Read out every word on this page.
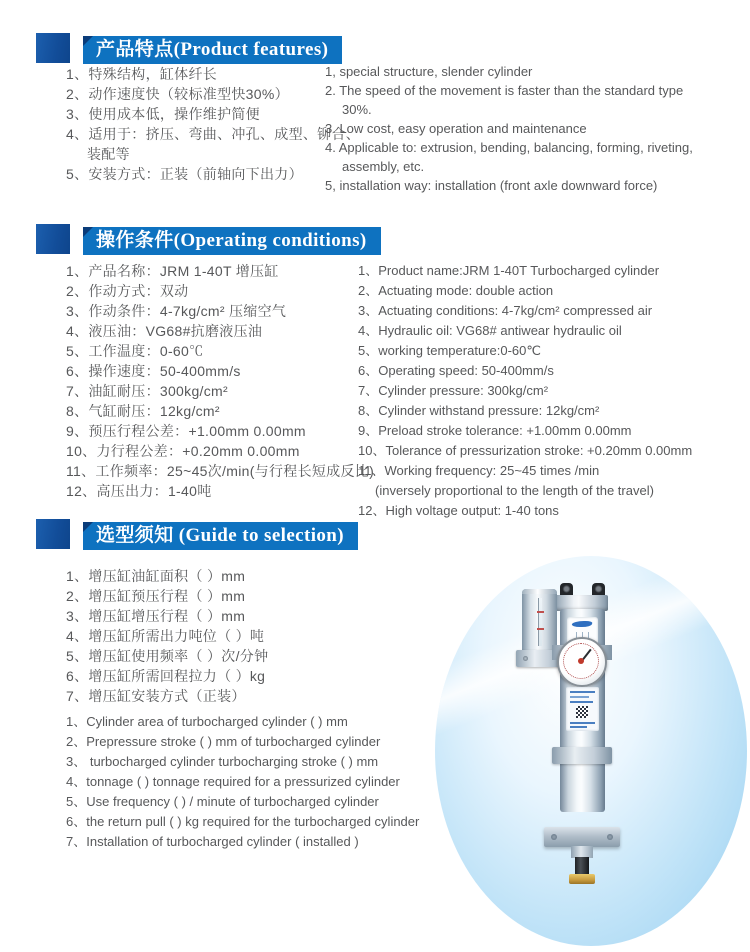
产品特点(Product features)
1、特殊结构，缸体纤长
2、动作速度快（较标准型快30%）
3、使用成本低，操作维护简便
4、适用于：挤压、弯曲、冲孔、成型、铆合、
装配等
5、安装方式：正装（前轴向下出力）
1, special structure, slender cylinder
2. The speed of the movement is faster than the standard type
30%.
3. Low cost, easy operation and maintenance
4. Applicable to: extrusion, bending, balancing, forming, riveting,
assembly, etc.
5, installation way: installation (front axle downward force)
操作条件(Operating conditions)
1、产品名称：JRM 1-40T 增压缸
2、作动方式：双动
3、作动条件：4-7kg/cm² 压缩空气
4、液压油：VG68#抗磨液压油
5、工作温度：0-60℃
6、操作速度：50-400mm/s
7、油缸耐压：300kg/cm²
8、气缸耐压：12kg/cm²
9、预压行程公差：+1.00mm 0.00mm
10、力行程公差：+0.20mm 0.00mm
11、工作频率：25~45次/min(与行程长短成反比)
12、高压出力：1-40吨
1、Product name:JRM 1-40T Turbocharged cylinder
2、Actuating mode: double action
3、Actuating conditions: 4-7kg/cm² compressed air
4、Hydraulic oil: VG68# antiwear hydraulic oil
5、working temperature:0-60℃
6、Operating speed: 50-400mm/s
7、Cylinder pressure: 300kg/cm²
8、Cylinder withstand pressure: 12kg/cm²
9、Preload stroke tolerance: +1.00mm 0.00mm
10、Tolerance of pressurization stroke: +0.20mm 0.00mm
11、Working frequency: 25~45 times /min
(inversely proportional to the length of the travel)
12、High voltage output: 1-40 tons
选型须知 (Guide to selection)
1、增压缸油缸面积（ ）mm
2、增压缸预压行程（ ）mm
3、增压缸增压行程（ ）mm
4、增压缸所需出力吨位（ ）吨
5、增压缸使用频率（ ）次/分钟
6、增压缸所需回程拉力（ ）kg
7、增压缸安装方式（正装）
1、Cylinder area of turbocharged cylinder ( ) mm
2、Prepressure stroke ( ) mm of turbocharged cylinder
3、 turbocharged cylinder turbocharging stroke ( ) mm
4、tonnage ( ) tonnage required for a pressurized cylinder
5、Use frequency ( ) / minute of turbocharged cylinder
6、the return pull ( ) kg required for the turbocharged cylinder
7、Installation of turbocharged cylinder ( installed )
